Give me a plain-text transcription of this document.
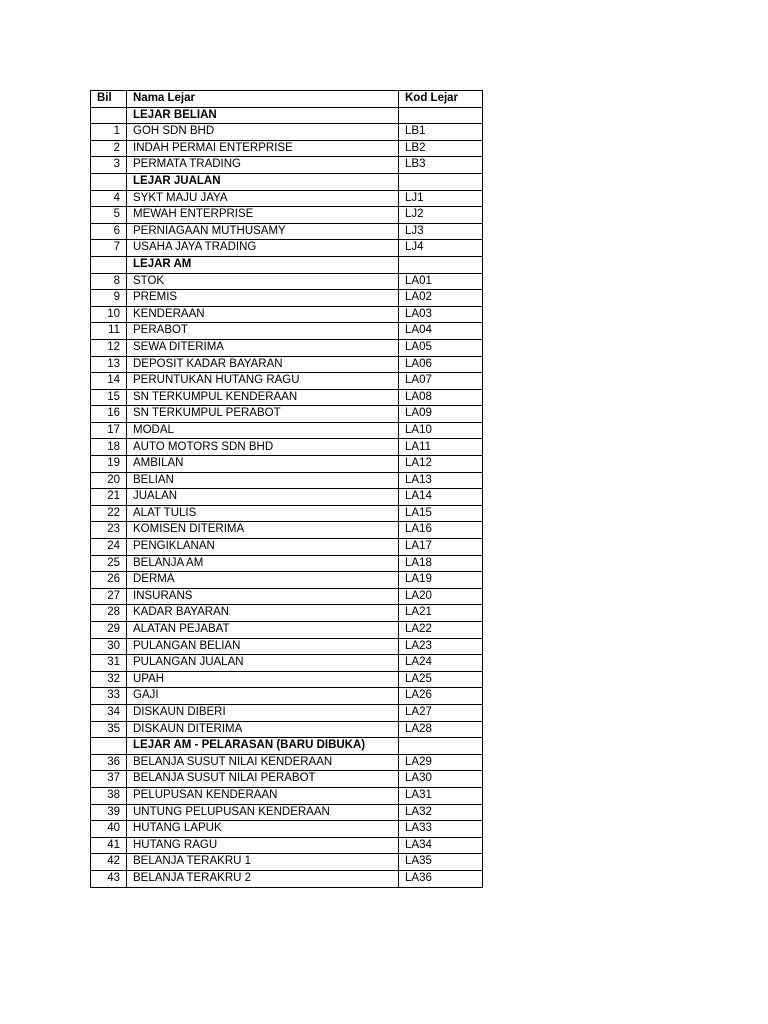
Bil	Nama Lejar	Kod Lejar
	LEJAR BELIAN	
1	GOH SDN BHD	LB1
2	INDAH PERMAI ENTERPRISE	LB2
3	PERMATA TRADING	LB3
	LEJAR JUALAN	
4	SYKT MAJU JAYA	LJ1
5	MEWAH ENTERPRISE	LJ2
6	PERNIAGAAN MUTHUSAMY	LJ3
7	USAHA JAYA TRADING	LJ4
	LEJAR AM	
8	STOK	LA01
9	PREMIS	LA02
10	KENDERAAN	LA03
11	PERABOT	LA04
12	SEWA DITERIMA	LA05
13	DEPOSIT KADAR BAYARAN	LA06
14	PERUNTUKAN HUTANG RAGU	LA07
15	SN TERKUMPUL KENDERAAN	LA08
16	SN TERKUMPUL PERABOT	LA09
17	MODAL	LA10
18	AUTO MOTORS SDN BHD	LA11
19	AMBILAN	LA12
20	BELIAN	LA13
21	JUALAN	LA14
22	ALAT TULIS	LA15
23	KOMISEN DITERIMA	LA16
24	PENGIKLANAN	LA17
25	BELANJA AM	LA18
26	DERMA	LA19
27	INSURANS	LA20
28	KADAR BAYARAN	LA21
29	ALATAN PEJABAT	LA22
30	PULANGAN BELIAN	LA23
31	PULANGAN JUALAN	LA24
32	UPAH	LA25
33	GAJI	LA26
34	DISKAUN DIBERI	LA27
35	DISKAUN DITERIMA	LA28
	LEJAR AM - PELARASAN (BARU DIBUKA)	
36	BELANJA SUSUT NILAI KENDERAAN	LA29
37	BELANJA SUSUT NILAI PERABOT	LA30
38	PELUPUSAN KENDERAAN	LA31
39	UNTUNG PELUPUSAN KENDERAAN	LA32
40	HUTANG LAPUK	LA33
41	HUTANG RAGU	LA34
42	BELANJA TERAKRU 1	LA35
43	BELANJA TERAKRU 2	LA36
